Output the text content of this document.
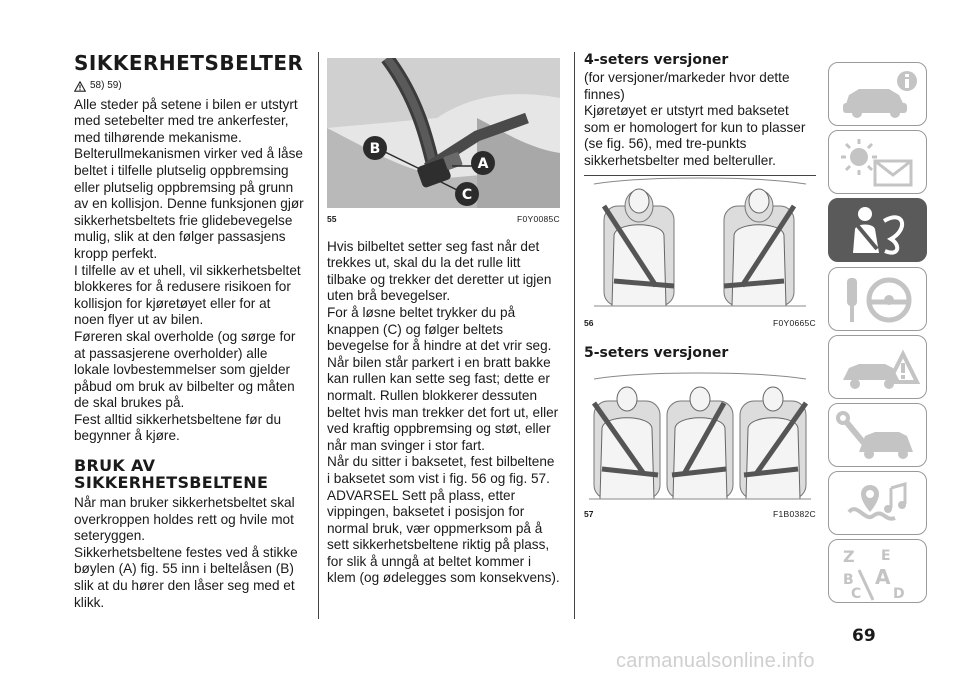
SIKKERHETSBELTER
58) 59)

Alle steder på setene i bilen er utstyrt med setebelter med tre ankerfester, med tilhørende mekanisme.

Belterullmekanismen virker ved å låse beltet i tilfelle plutselig oppbremsing eller plutselig oppbremsing på grunn av en kollisjon. Denne funksjonen gjør sikkerhetsbeltets frie glidebevegelse mulig, slik at den følger passasjens kropp perfekt.

I tilfelle av et uhell, vil sikkerhetsbeltet blokkeres for å redusere risikoen for kollisjon for kjøretøyet eller for at noen flyer ut av bilen.

Føreren skal overholde (og sørge for at passasjerene overholder) alle lokale lovbestemmelser som gjelder påbud om bruk av bilbelter og måten de skal brukes på.

Fest alltid sikkerhetsbeltene før du begynner å kjøre.

BRUK AV
SIKKERHETSBELTENE

Når man bruker sikkerhetsbeltet skal overkroppen holdes rett og hvile mot seteryggen.

Sikkerhetsbeltene festes ved å stikke bøylen (A) fig. 55 inn i beltelåsen (B) slik at du hører den låser seg med et klikk.

B
A
C
55	F0Y0085C

Hvis bilbeltet setter seg fast når det trekkes ut, skal du la det rulle litt tilbake og trekker det deretter ut igjen uten brå bevegelser.

For å løsne beltet trykker du på knappen (C) og følger beltets bevegelse for å hindre at det vrir seg.

Når bilen står parkert i en bratt bakke kan rullen kan sette seg fast; dette er normalt. Rullen blokkerer dessuten beltet hvis man trekker det fort ut, eller ved kraftig oppbremsing og støt, eller når man svinger i stor fart.

Når du sitter i baksetet, fest bilbeltene i baksetet som vist i fig. 56 og fig. 57.

ADVARSEL Sett på plass, etter vippingen, baksetet i posisjon for normal bruk, vær oppmerksom på å sett sikkerhetsbeltene riktig på plass, for slik å unngå at beltet kommer i klem (og ødelegges som konsekvens).

4-seters versjoner

(for versjoner/markeder hvor dette finnes)

Kjøretøyet er utstyrt med baksetet som er homologert for kun to plasser (se fig. 56), med tre-punkts sikkerhetsbelter med belteruller.

56	F0Y0665C
5-seters versjoner
57	F1B0382C
Z E
B A
C D
69
carmanualsonline.info
